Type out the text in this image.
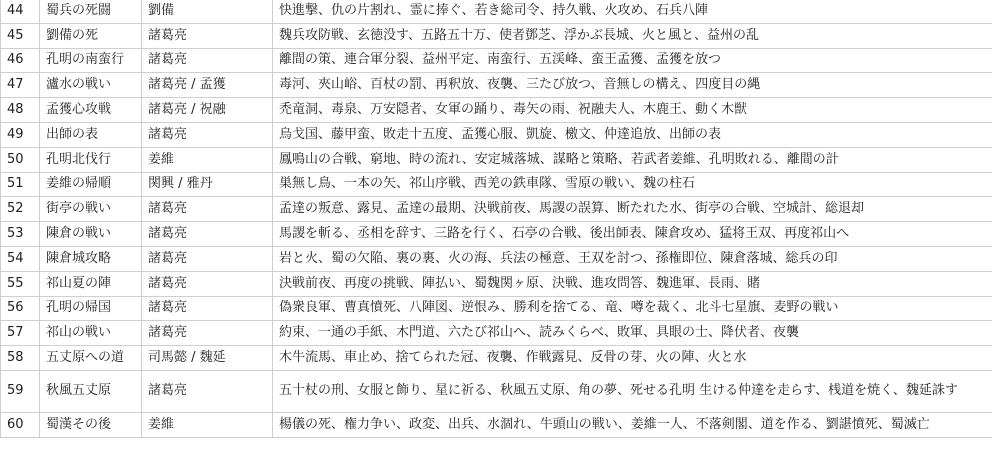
44	蜀兵の死闘	劉備	快進撃、仇の片割れ、霊に捧ぐ、若き総司令、持久戦、火攻め、石兵八陣
45	劉備の死	諸葛亮	魏兵攻防戦、玄徳没す、五路五十万、使者鄧芝、浮かぶ長城、火と風と、益州の乱
46	孔明の南蛮行	諸葛亮	離間の策、連合軍分裂、益州平定、南蛮行、五渓峰、蛮王孟獲、孟獲を放つ
47	瀘水の戦い	諸葛亮 / 孟獲	毒河、夾山峪、百杖の罰、再釈放、夜襲、三たび放つ、音無しの構え、四度目の縄
48	孟獲心攻戦	諸葛亮 / 祝融	禿竜洞、毒泉、万安隠者、女軍の踊り、毒矢の雨、祝融夫人、木鹿王、動く木獣
49	出師の表	諸葛亮	烏戈国、藤甲蛮、敗走十五度、孟獲心服、凱旋、檄文、仲達追放、出師の表
50	孔明北伐行	姜維	鳳鳴山の合戦、窮地、時の流れ、安定城落城、謀略と策略、若武者姜維、孔明敗れる、離間の計
51	姜維の帰順	関興 / 雅丹	巣無し鳥、一本の矢、祁山序戦、西羌の鉄車隊、雪原の戦い、魏の柱石
52	街亭の戦い	諸葛亮	孟達の叛意、露見、孟達の最期、決戦前夜、馬謖の誤算、断たれた水、街亭の合戦、空城計、総退却
53	陳倉の戦い	諸葛亮	馬謖を斬る、丞相を辞す、三路を行く、石亭の合戦、後出師表、陳倉攻め、猛将王双、再度祁山へ
54	陳倉城攻略	諸葛亮	岩と火、蜀の欠陥、裏の裏、火の海、兵法の極意、王双を討つ、孫権即位、陳倉落城、総兵の印
55	祁山夏の陣	諸葛亮	決戦前夜、再度の挑戦、陣払い、蜀魏関ヶ原、決戦、進攻問答、魏進軍、長雨、賭
56	孔明の帰国	諸葛亮	偽衆良軍、曹真憤死、八陣図、逆恨み、勝利を捨てる、竜、噂を裁く、北斗七星旗、麦野の戦い
57	祁山の戦い	諸葛亮	約束、一通の手紙、木門道、六たび祁山へ、読みくらべ、敗軍、具眼の士、降伏者、夜襲
58	五丈原への道	司馬懿 / 魏延	木牛流馬、車止め、捨てられた冠、夜襲、作戦露見、反骨の芽、火の陣、火と水
59	秋風五丈原	諸葛亮	五十杖の刑、女服と飾り、星に祈る、秋風五丈原、角の夢、死せる孔明 生ける仲達を走らす、桟道を焼く、魏延誅す
60	蜀漢その後	姜維	楊儀の死、権力争い、政変、出兵、水涸れ、牛頭山の戦い、姜維一人、不落剣閣、道を作る、劉諶憤死、蜀滅亡
